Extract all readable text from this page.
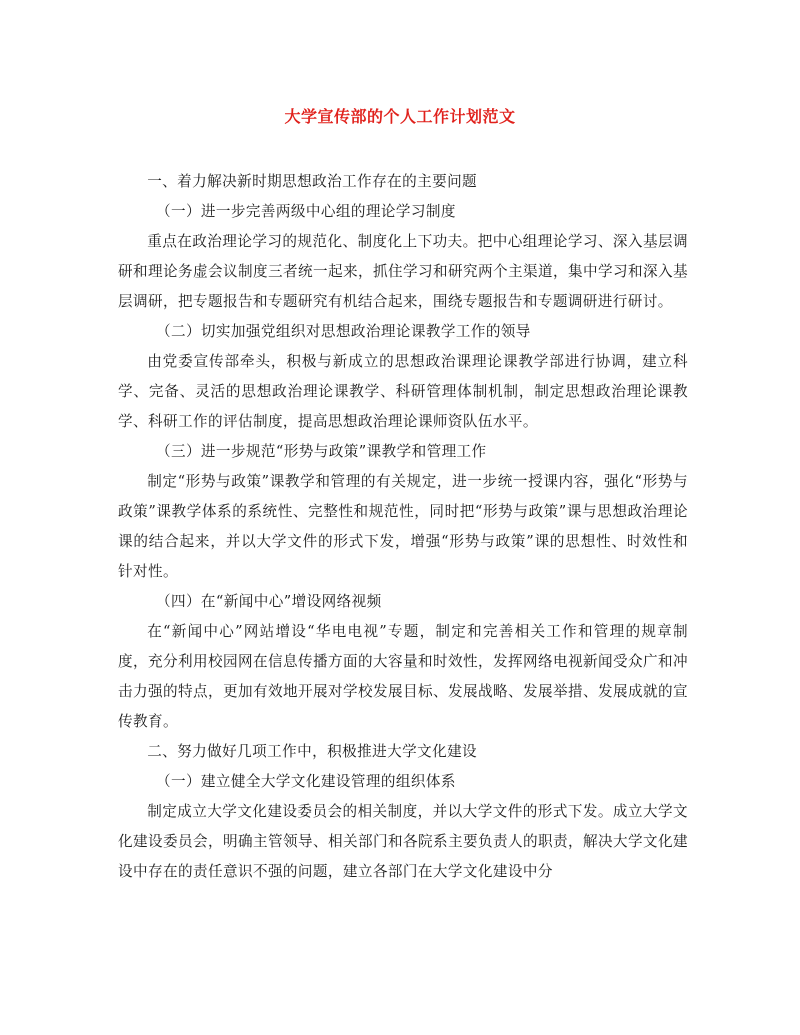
大学宣传部的个人工作计划范文

一、着力解决新时期思想政治工作存在的主要问题

（一）进一步完善两级中心组的理论学习制度

重点在政治理论学习的规范化、制度化上下功夫。把中心组理论学习、深入基层调研和理论务虚会议制度三者统一起来，抓住学习和研究两个主渠道，集中学习和深入基层调研，把专题报告和专题研究有机结合起来，围绕专题报告和专题调研进行研讨。

（二）切实加强党组织对思想政治理论课教学工作的领导

由党委宣传部牵头，积极与新成立的思想政治课理论课教学部进行协调，建立科学、完备、灵活的思想政治理论课教学、科研管理体制机制，制定思想政治理论课教学、科研工作的评估制度，提高思想政治理论课师资队伍水平。

（三）进一步规范“形势与政策”课教学和管理工作

制定“形势与政策”课教学和管理的有关规定，进一步统一授课内容，强化“形势与政策”课教学体系的系统性、完整性和规范性，同时把“形势与政策”课与思想政治理论课的结合起来，并以大学文件的形式下发，增强“形势与政策”课的思想性、时效性和针对性。

（四）在“新闻中心”增设网络视频

在“新闻中心”网站增设“华电电视”专题，制定和完善相关工作和管理的规章制度，充分利用校园网在信息传播方面的大容量和时效性，发挥网络电视新闻受众广和冲击力强的特点，更加有效地开展对学校发展目标、发展战略、发展举措、发展成就的宣传教育。

二、努力做好几项工作中，积极推进大学文化建设

（一）建立健全大学文化建设管理的组织体系

制定成立大学文化建设委员会的相关制度，并以大学文件的形式下发。成立大学文化建设委员会，明确主管领导、相关部门和各院系主要负责人的职责，解决大学文化建设中存在的责任意识不强的问题，建立各部门在大学文化建设中分
